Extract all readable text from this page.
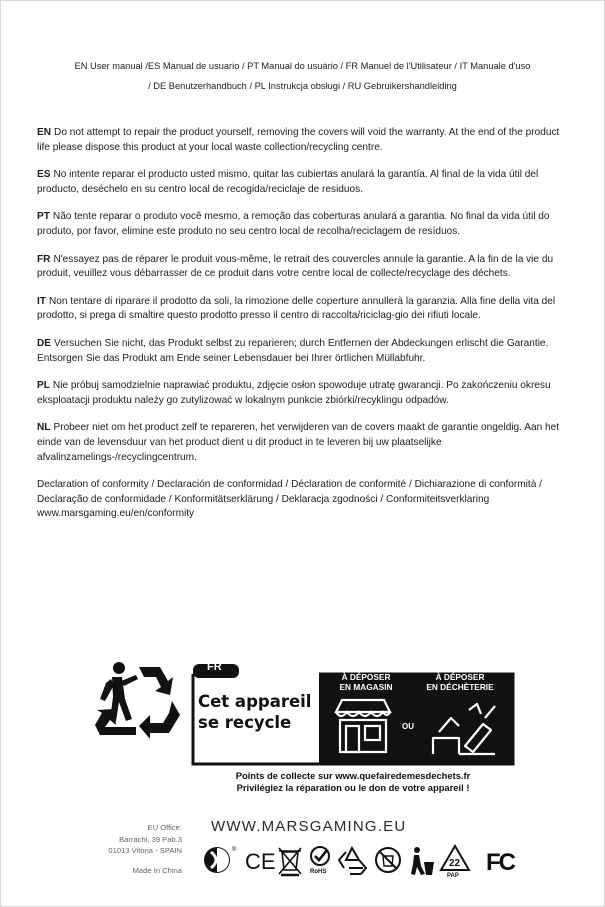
EN User manual /ES Manual de usuario / PT Manual do usuário / FR Manuel de l'Utilisateur / IT Manuale d'uso
/ DE Benutzerhandbuch / PL Instrukcja obsługi / RU Gebruikershandleiding

EN Do not attempt to repair the product yourself, removing the covers will void the warranty. At the end of the product life please dispose this product at your local waste collection/recycling centre.

ES No intente reparar el producto usted mismo, quitar las cubiertas anulará la garantía. Al final de la vida útil del producto, deséchelo en su centro local de recogida/reciclaje de residuos.

PT Não tente reparar o produto você mesmo, a remoção das coberturas anulará a garantia. No final da vida útil do produto, por favor, elimine este produto no seu centro local de recolha/reciclagem de resíduos.

FR N'essayez pas de réparer le produit vous-même, le retrait des couvercles annule la garantie. A la fin de la vie du produit, veuillez vous débarrasser de ce produit dans votre centre local de collecte/recyclage des déchets.

IT Non tentare di riparare il prodotto da soli, la rimozione delle coperture annullerà la garanzia. Alla fine della vita del prodotto, si prega di smaltire questo prodotto presso il centro di raccolta/riciclag-gio dei rifiuti locale.

DE Versuchen Sie nicht, das Produkt selbst zu reparieren; durch Entfernen der Abdeckungen erlischt die Garantie. Entsorgen Sie das Produkt am Ende seiner Lebensdauer bei Ihrer örtlichen Müllabfuhr.

PL Nie próbuj samodzielnie naprawiać produktu, zdjęcie osłon spowoduje utratę gwarancji. Po zakończeniu okresu eksploatacji produktu należy go zutylizować w lokalnym punkcie zbiórki/recyklingu odpadów.

NL Probeer niet om het product zelf te repareren, het verwijderen van de covers maakt de garantie ongeldig. Aan het einde van de levensduur van het product dient u dit product in te leveren bij uw plaatselijke afvalinzamelings-/recyclingcentrum.

Declaration of conformity / Declaración de conformidad / Déclaration de conformité / Dichiarazione di conformità / Declaração de conformidade / Konformitätserklärung / Deklaracja zgodności / Conformiteitsverklaring www.marsgaming.eu/en/conformity

FR
Cet appareil
se recycle
À DÉPOSER
EN MAGASIN
À DÉPOSER
EN DÉCHÈTERIE
OU
Points de collecte sur www.quefairedemesdechets.fr
Privilégiez la réparation ou le don de votre appareil !
EU Office:
Barrachi, 39 Pab.3
01013 Vitoria - SPAIN
Made In China
WWW.MARSGAMING.EU
® CE	RoHS
22
PAP FC
